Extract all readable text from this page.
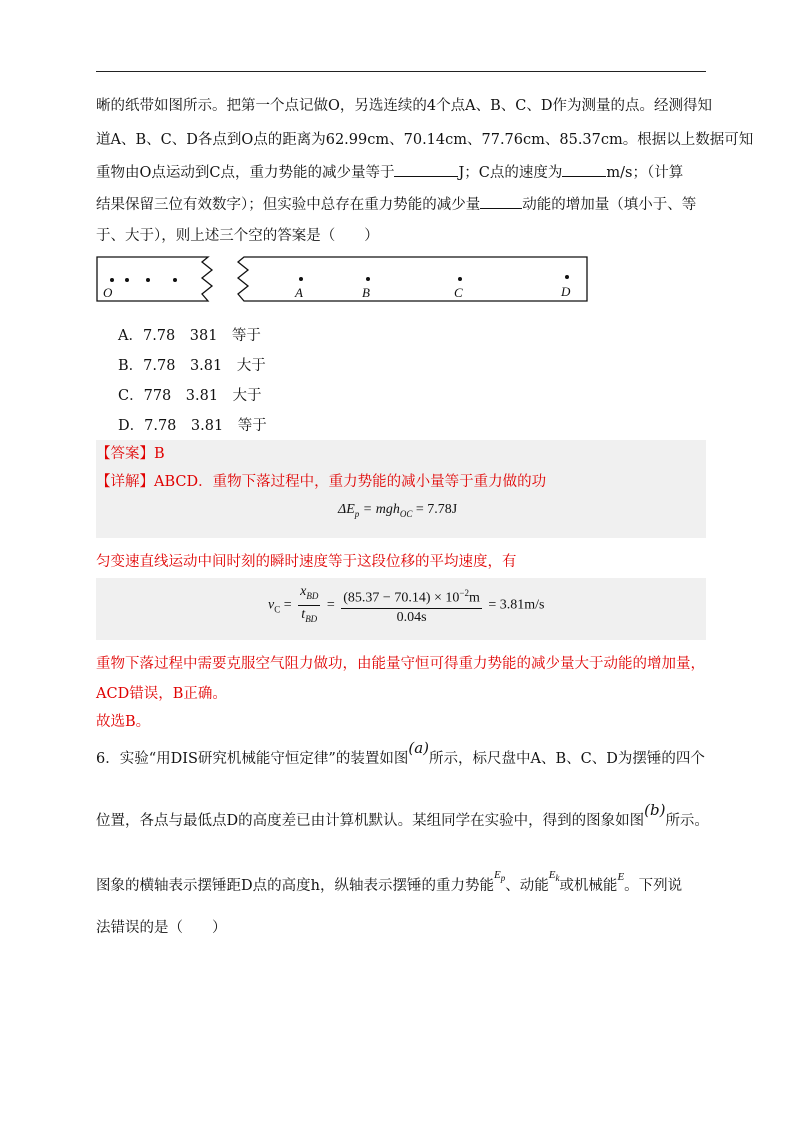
晰的纸带如图所示。把第一个点记做O，另选连续的4个点A、B、C、D作为测量的点。经测得知
道A、B、C、D各点到O点的距离为62.99cm、70.14cm、77.76cm、85.37cm。根据以上数据可知
重物由O点运动到C点，重力势能的减少量等于	J；C点的速度为	m/s；（计算
结果保留三位有效数字）；但实验中总存在重力势能的减少量	动能的增加量（填小于、等
于、大于），则上述三个空的答案是（　　）
O	A	B	C	D
A．7.78　381　等于
B．7.78　3.81　大于
C．778　3.81　大于
D．7.78　3.81　等于
【答案】B
【详解】ABCD．重物下落过程中，重力势能的减小量等于重力做的功
$\Delta E_p = mgh_{OC} = 7.78J$
匀变速直线运动中间时刻的瞬时速度等于这段位移的平均速度，有
$v_C = \frac{x_{BD}}{t_{BD}} = \frac{(85.37 - 70.14) \times 10^{-2}m}{0.04s} = 3.81m/s$
重物下落过程中需要克服空气阻力做功，由能量守恒可得重力势能的减少量大于动能的增加量，
ACD错误，B正确。
故选B。
6．实验“用DIS研究机械能守恒定律”的装置如图(a)所示，标尺盘中A、B、C、D为摆锤的四个
位置，各点与最低点D的高度差已由计算机默认。某组同学在实验中，得到的图象如图(b)所示。
图象的横轴表示摆锤距D点的高度h，纵轴表示摆锤的重力势能$^{E_p}$、动能$^{E_k}$或机械能$^E$。下列说
法错误的是（　　）
